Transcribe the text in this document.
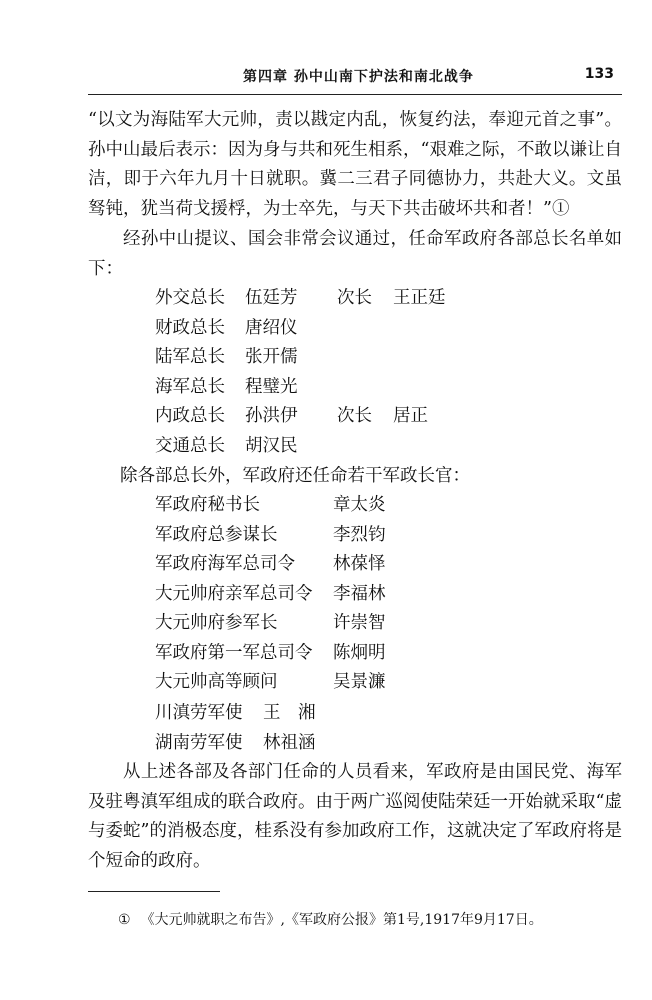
第四章 孙中山南下护法和南北战争	133
“以文为海陆军大元帅，责以戡定内乱，恢复约法，奉迎元首之事”。孙中山最后表示：因为身与共和死生相系，“艰难之际，不敢以谦让自洁，即于六年九月十日就职。冀二三君子同德协力，共赴大义。文虽驽钝，犹当荷戈援桴，为士卒先，与天下共击破坏共和者！”①
经孙中山提议、国会非常会议通过，任命军政府各部总长名单如下：
外交总长	伍廷芳	次长	王正廷
财政总长	唐绍仪
陆军总长	张开儒
海军总长	程璧光
内政总长	孙洪伊	次长	居正
交通总长	胡汉民
除各部总长外，军政府还任命若干军政长官：
军政府秘书长	章太炎
军政府总参谋长	李烈钧
军政府海军总司令	林葆怿
大元帅府亲军总司令	李福林
大元帅府参军长	许崇智
军政府第一军总司令	陈炯明
大元帅高等顾问	吴景濂
川滇劳军使	王　湘
湖南劳军使	林祖涵
从上述各部及各部门任命的人员看来，军政府是由国民党、海军及驻粤滇军组成的联合政府。由于两广巡阅使陆荣廷一开始就采取“虚与委蛇”的消极态度，桂系没有参加政府工作，这就决定了军政府将是个短命的政府。
① 《大元帅就职之布告》,《军政府公报》第1号,1917年9月17日。
